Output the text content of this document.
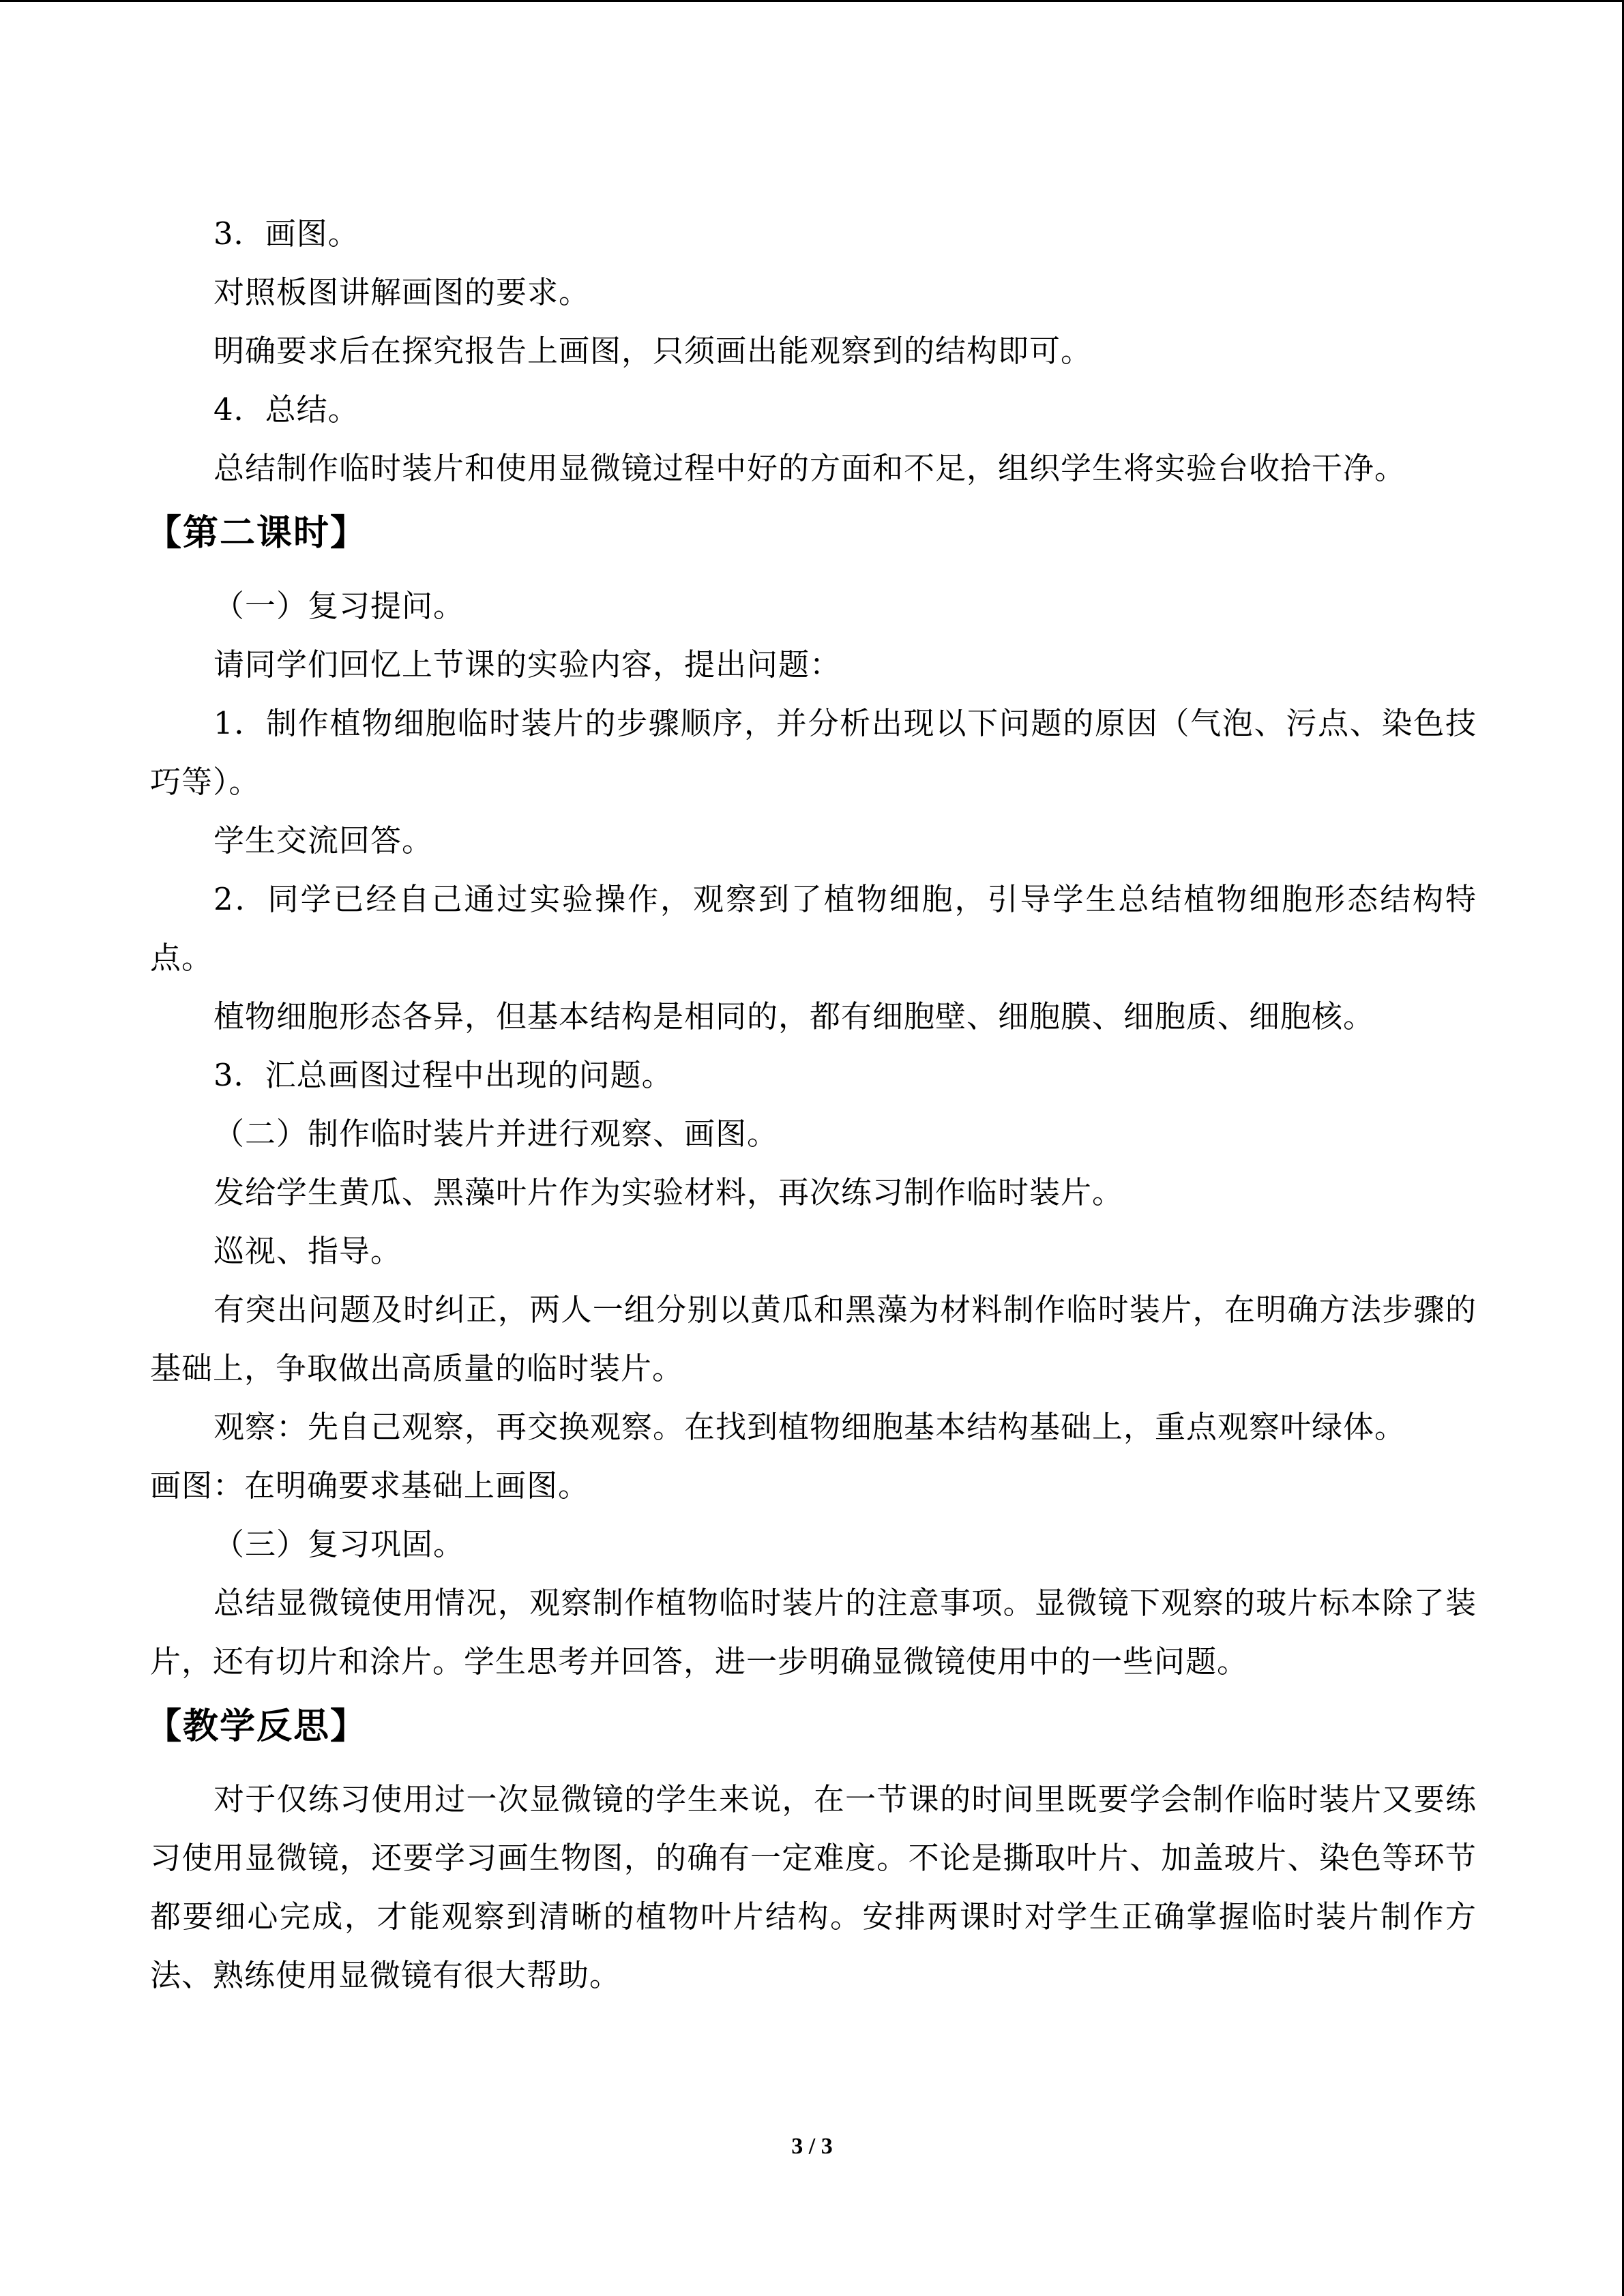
3．画图。

对照板图讲解画图的要求。

明确要求后在探究报告上画图，只须画出能观察到的结构即可。

4．总结。

总结制作临时装片和使用显微镜过程中好的方面和不足，组织学生将实验台收拾干净。

【第二课时】

（一）复习提问。

请同学们回忆上节课的实验内容，提出问题：

1．制作植物细胞临时装片的步骤顺序，并分析出现以下问题的原因（气泡、污点、染色技巧等）。

学生交流回答。

2．同学已经自己通过实验操作，观察到了植物细胞，引导学生总结植物细胞形态结构特点。

植物细胞形态各异，但基本结构是相同的，都有细胞壁、细胞膜、细胞质、细胞核。

3．汇总画图过程中出现的问题。

（二）制作临时装片并进行观察、画图。

发给学生黄瓜、黑藻叶片作为实验材料，再次练习制作临时装片。

巡视、指导。

有突出问题及时纠正，两人一组分别以黄瓜和黑藻为材料制作临时装片，在明确方法步骤的基础上，争取做出高质量的临时装片。

观察：先自己观察，再交换观察。在找到植物细胞基本结构基础上，重点观察叶绿体。

画图：在明确要求基础上画图。

（三）复习巩固。

总结显微镜使用情况，观察制作植物临时装片的注意事项。显微镜下观察的玻片标本除了装片，还有切片和涂片。学生思考并回答，进一步明确显微镜使用中的一些问题。

【教学反思】

对于仅练习使用过一次显微镜的学生来说，在一节课的时间里既要学会制作临时装片又要练习使用显微镜，还要学习画生物图，的确有一定难度。不论是撕取叶片、加盖玻片、染色等环节都要细心完成，才能观察到清晰的植物叶片结构。安排两课时对学生正确掌握临时装片制作方法、熟练使用显微镜有很大帮助。

3 / 3
